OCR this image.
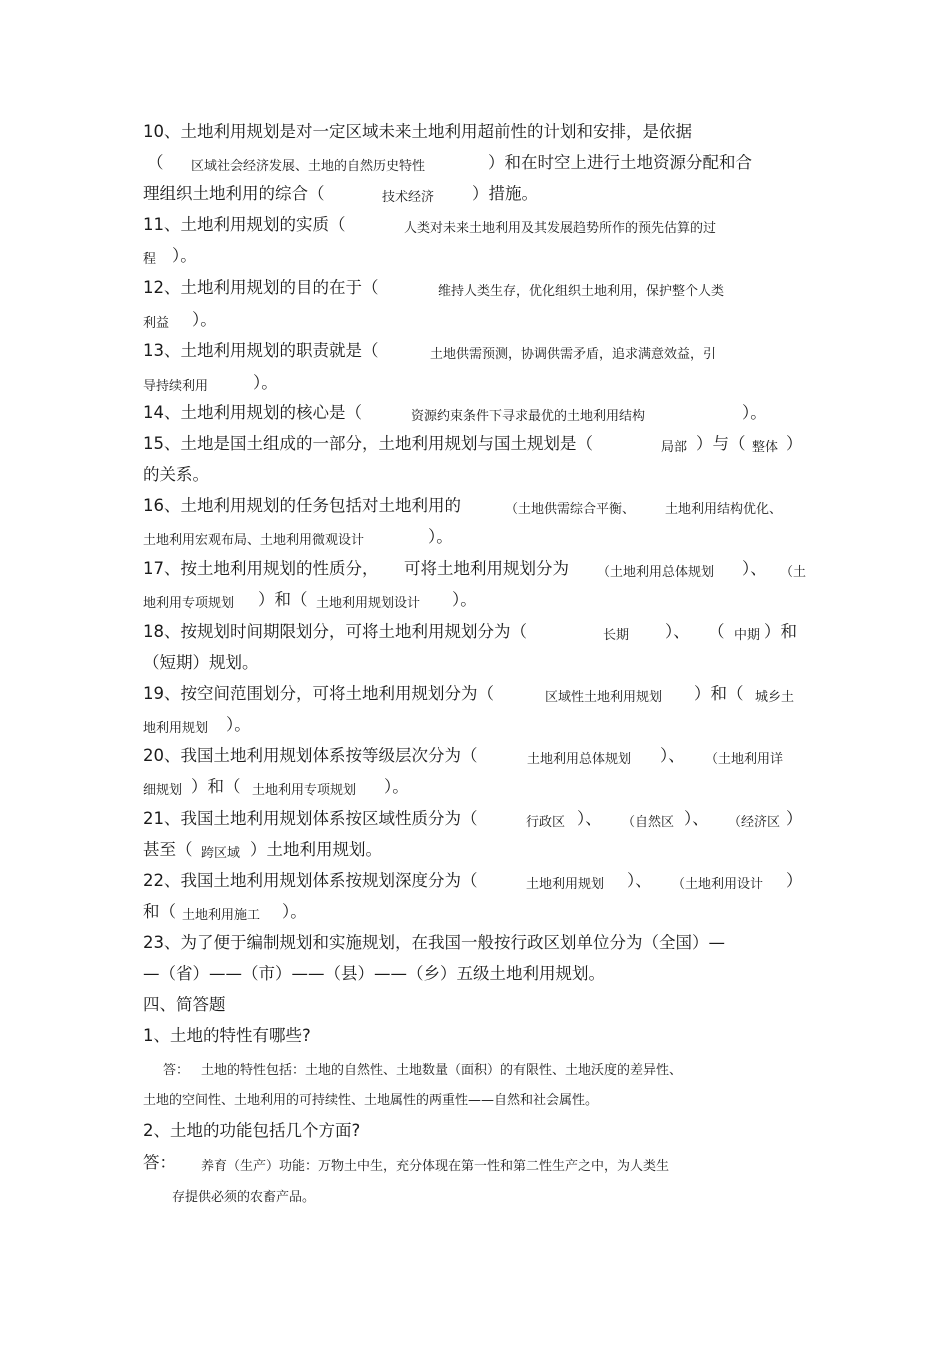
10、土地利用规划是对一定区域未来土地利用超前性的计划和安排，是依据
（ 区域社会经济发展、土地的自然历史特性	）和在时空上进行土地资源分配和合
理组织土地利用的综合（	技术经济 ）措施。
11、土地利用规划的实质（	人类对未来土地利用及其发展趋势所作的预先估算的过
程 ）。
12、土地利用规划的目的在于（	维持人类生存，优化组织土地利用，保护整个人类
利益 ）。
13、土地利用规划的职责就是（	土地供需预测，协调供需矛盾，追求满意效益，引
导持续利用	）。
14、土地利用规划的核心是（	资源约束条件下寻求最优的土地利用结构	）。
15、土地是国土组成的一部分，土地利用规划与国土规划是（	局部 ）与（ 整体 ）
的关系。
16、土地利用规划的任务包括对土地利用的	（土地供需综合平衡、 土地利用结构优化、
土地利用宏观布局、土地利用微观设计	）。
17、按土地利用规划的性质分， 可将土地利用规划分为 （土地利用总体规划 ）、 （土
地利用专项规划 ）和（ 土地利用规划设计 ）。
18、按规划时间期限划分，可将土地利用规划分为（	长期 ）、 （ 中期 ）和
（短期）规划。
19、按空间范围划分，可将土地利用规划分为（	区域性土地利用规划 ）和（ 城乡土
地利用规划 ）。
20、我国土地利用规划体系按等级层次分为（	土地利用总体规划 ）、 （土地利用详
细规划 ）和（ 土地利用专项规划 ）。
21、我国土地利用规划体系按区域性质分为（	行政区 ）、 （自然区 ）、 （经济区 ）
甚至（ 跨区域 ）土地利用规划。
22、我国土地利用规划体系按规划深度分为（	土地利用规划 ）、 （土地利用设计 ）
和（ 土地利用施工 ）。
23、为了便于编制规划和实施规划，在我国一般按行政区划单位分为（全国）—
—（省）——（市）——（县）——（乡）五级土地利用规划。
四、简答题
1、土地的特性有哪些?
答： 土地的特性包括：土地的自然性、土地数量（面积）的有限性、土地沃度的差异性、
土地的空间性、土地利用的可持续性、土地属性的两重性——自然和社会属性。
2、土地的功能包括几个方面?
答： 养育（生产）功能：万物土中生，充分体现在第一性和第二性生产之中，为人类生
存提供必须的农畜产品。
